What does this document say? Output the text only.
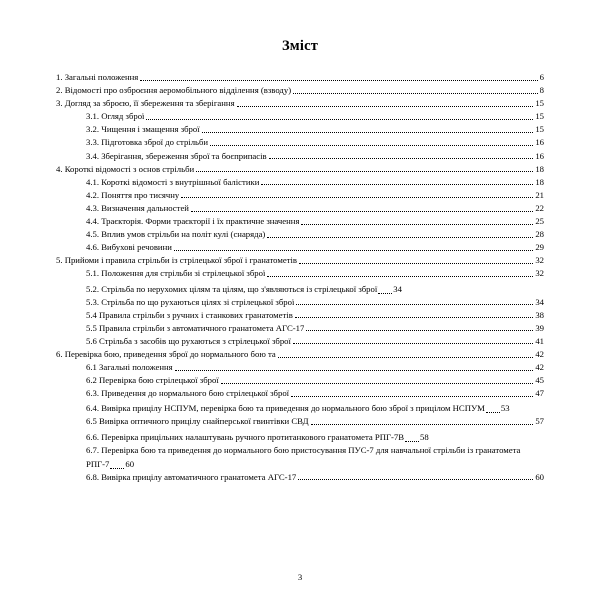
Зміст
1. Загальні положення	6
2. Відомості про озброєння аеромобільного відділення (взводу)	8
3. Догляд за зброєю, її збереження та зберігання	15
3.1. Огляд зброї	15
3.2. Чищення і змащення зброї	15
3.3. Підготовка зброї до стрільби	16
3.4. Зберігання, збереження зброї та боєприпасів	16
4. Короткі відомості з основ стрільби	18
4.1. Короткі відомості з внутрішньої балістики	18
4.2. Поняття про тисячну	21
4.3. Визначення дальностей	22
4.4. Траєкторія. Форми траєкторії і їх практичне значення	25
4.5. Вплив умов стрільби на політ кулі (снаряда)	28
4.6. Вибухові речовини	29
5. Прийоми і правила стрільби із стрілецької зброї і гранатометів	32
5.1. Положення для стрільби зі стрілецької зброї	32
5.2. Стрільба по нерухомих цілям та цілям, що з'являються із стрілецької зброї 34
5.3. Стрільба по що рухаються цілях зі стрілецької зброї	34
5.4 Правила стрільби з ручних і станкових гранатометів	38
5.5 Правила стрільби з автоматичного гранатомета АГС-17	39
5.6 Стрільба з засобів що рухаються з стрілецької зброї	41
6. Перевірка бою, приведення зброї до нормального бою та	42
6.1 Загальні положення	42
6.2 Перевірка бою стрілецької зброї	45
6.3. Приведення до нормального бою стрілецької зброї	47
6.4. Вивірка прицілу НСПУМ, перевірка бою та приведення до нормального бою зброї з прицілом НСПУМ 53
6.5 Вивірка оптичного прицілу снайперської гвинтівки СВД	57
6.6. Перевірка прицільних налаштувань ручного протитанкового гранатомета РПГ-7В 58
6.7. Перевірка бою та приведення до нормального бою пристосування ПУС-7 для навчальної стрільби із гранатомета РПГ-7 60
6.8. Вивірка прицілу автоматичного гранатомета АГС-17	60
3
